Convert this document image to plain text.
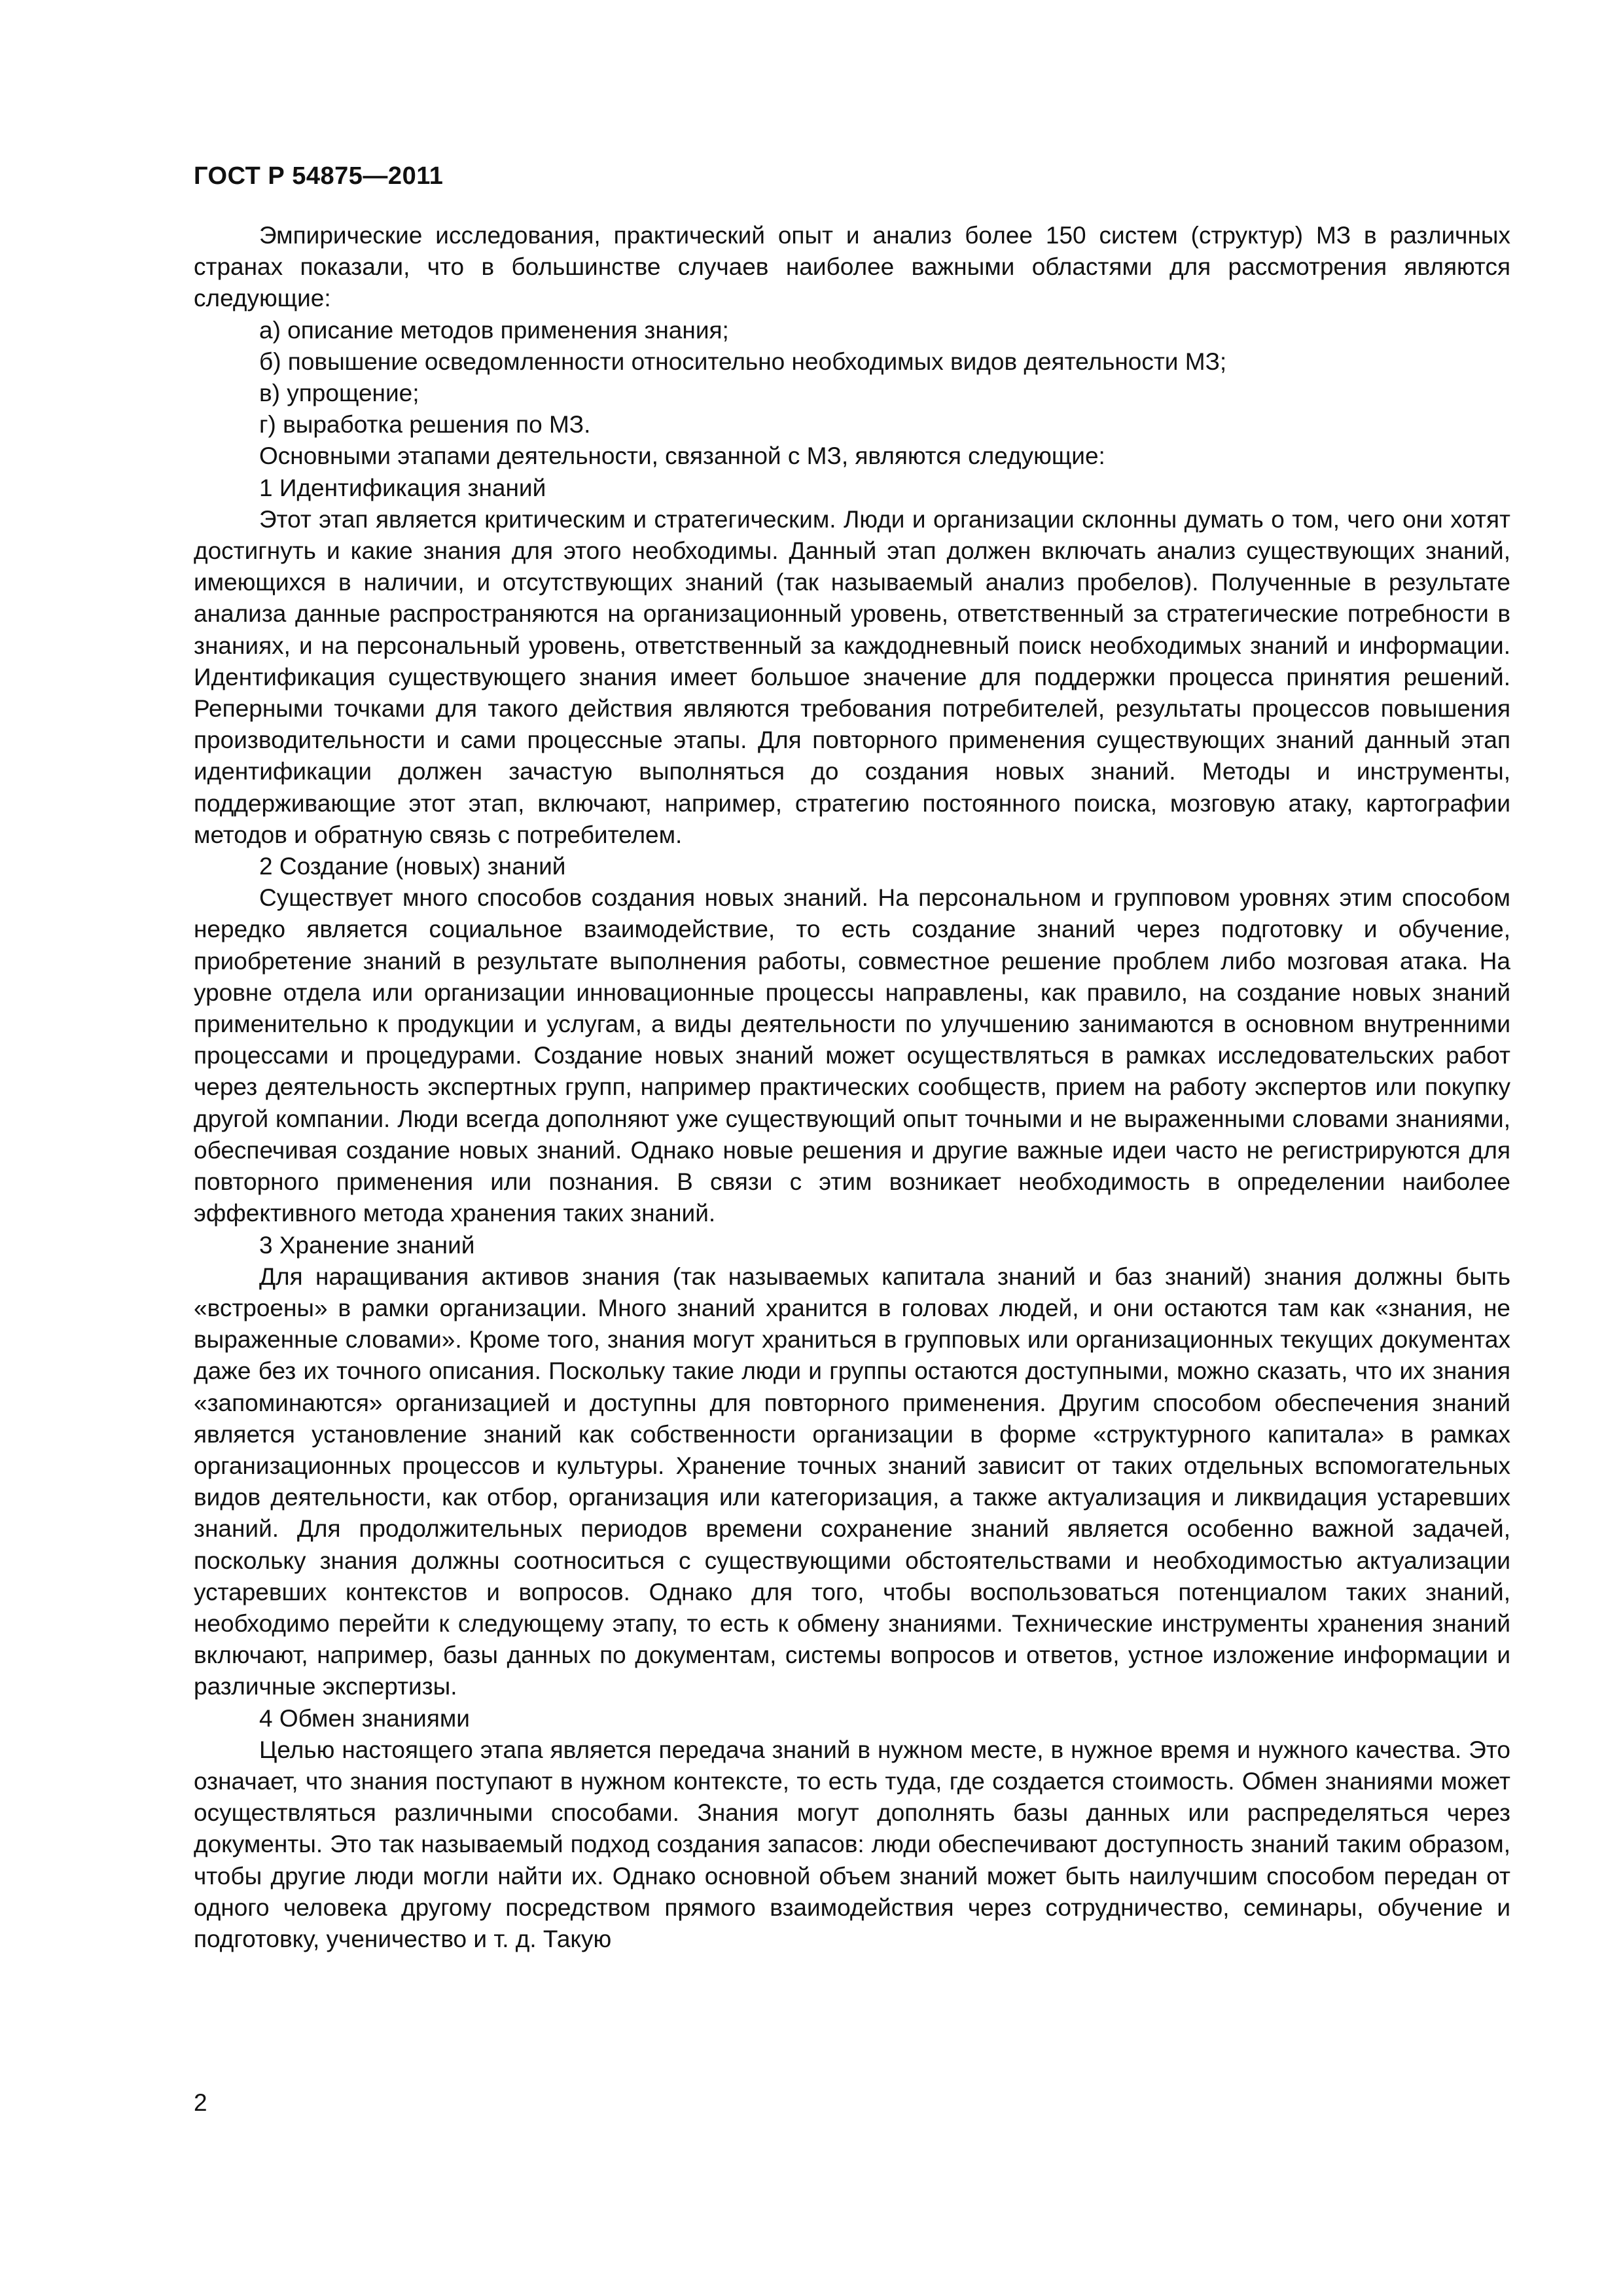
ГОСТ Р 54875—2011

Эмпирические исследования, практический опыт и анализ более 150 систем (структур) МЗ в различных странах показали, что в большинстве случаев наиболее важными областями для рассмотрения являются следующие:

а) описание методов применения знания;

б) повышение осведомленности относительно необходимых видов деятельности МЗ;

в) упрощение;

г) выработка решения по МЗ.

Основными этапами деятельности, связанной с МЗ, являются следующие:

1 Идентификация знаний

Этот этап является критическим и стратегическим. Люди и организации склонны думать о том, чего они хотят достигнуть и какие знания для этого необходимы. Данный этап должен включать анализ существующих знаний, имеющихся в наличии, и отсутствующих знаний (так называемый анализ пробелов). Полученные в результате анализа данные распространяются на организационный уровень, ответственный за стратегические потребности в знаниях, и на персональный уровень, ответственный за каждодневный поиск необходимых знаний и информации. Идентификация существующего знания имеет большое значение для поддержки процесса принятия решений. Реперными точками для такого действия являются требования потребителей, результаты процессов повышения производительности и сами процессные этапы. Для повторного применения существующих знаний данный этап идентификации должен зачастую выполняться до создания новых знаний. Методы и инструменты, поддерживающие этот этап, включают, например, стратегию постоянного поиска, мозговую атаку, картографии методов и обратную связь с потребителем.

2 Создание (новых) знаний

Существует много способов создания новых знаний. На персональном и групповом уровнях этим способом нередко является социальное взаимодействие, то есть создание знаний через подготовку и обучение, приобретение знаний в результате выполнения работы, совместное решение проблем либо мозговая атака. На уровне отдела или организации инновационные процессы направлены, как правило, на создание новых знаний применительно к продукции и услугам, а виды деятельности по улучшению занимаются в основном внутренними процессами и процедурами. Создание новых знаний может осуществляться в рамках исследовательских работ через деятельность экспертных групп, например практических сообществ, прием на работу экспертов или покупку другой компании. Люди всегда дополняют уже существующий опыт точными и не выраженными словами знаниями, обеспечивая создание новых знаний. Однако новые решения и другие важные идеи часто не регистрируются для повторного применения или познания. В связи с этим возникает необходимость в определении наиболее эффективного метода хранения таких знаний.

3 Хранение знаний

Для наращивания активов знания (так называемых капитала знаний и баз знаний) знания должны быть «встроены» в рамки организации. Много знаний хранится в головах людей, и они остаются там как «знания, не выраженные словами». Кроме того, знания могут храниться в групповых или организационных текущих документах даже без их точного описания. Поскольку такие люди и группы остаются доступными, можно сказать, что их знания «запоминаются» организацией и доступны для повторного применения. Другим способом обеспечения знаний является установление знаний как собственности организации в форме «структурного капитала» в рамках организационных процессов и культуры. Хранение точных знаний зависит от таких отдельных вспомогательных видов деятельности, как отбор, организация или категоризация, а также актуализация и ликвидация устаревших знаний. Для продолжительных периодов времени сохранение знаний является особенно важной задачей, поскольку знания должны соотноситься с существующими обстоятельствами и необходимостью актуализации устаревших контекстов и вопросов. Однако для того, чтобы воспользоваться потенциалом таких знаний, необходимо перейти к следующему этапу, то есть к обмену знаниями. Технические инструменты хранения знаний включают, например, базы данных по документам, системы вопросов и ответов, устное изложение информации и различные экспертизы.

4 Обмен знаниями

Целью настоящего этапа является передача знаний в нужном месте, в нужное время и нужного качества. Это означает, что знания поступают в нужном контексте, то есть туда, где создается стоимость. Обмен знаниями может осуществляться различными способами. Знания могут дополнять базы данных или распределяться через документы. Это так называемый подход создания запасов: люди обеспечивают доступность знаний таким образом, чтобы другие люди могли найти их. Однако основной объем знаний может быть наилучшим способом передан от одного человека другому посредством прямого взаимодействия через сотрудничество, семинары, обучение и подготовку, ученичество и т. д. Такую

2
